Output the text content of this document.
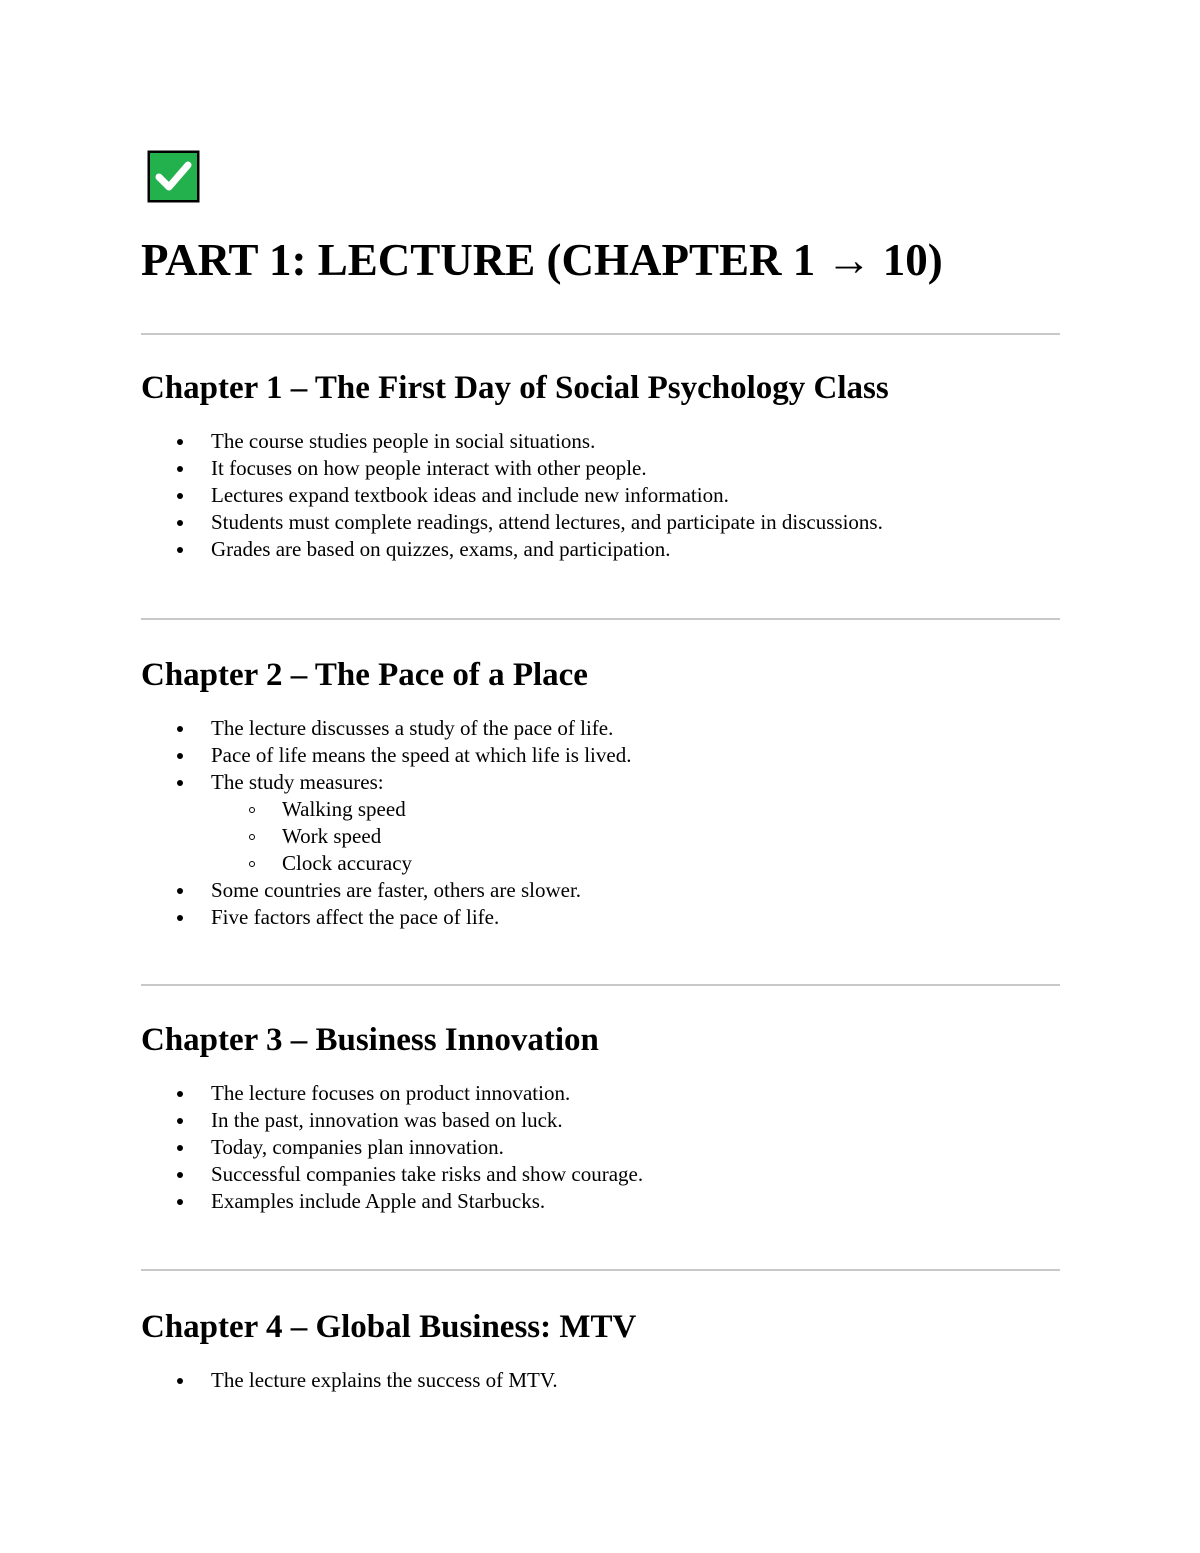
PART 1: LECTURE (CHAPTER 1 → 10)
Chapter 1 – The First Day of Social Psychology Class
The course studies people in social situations.
It focuses on how people interact with other people.
Lectures expand textbook ideas and include new information.
Students must complete readings, attend lectures, and participate in discussions.
Grades are based on quizzes, exams, and participation.
Chapter 2 – The Pace of a Place
The lecture discusses a study of the pace of life.
Pace of life means the speed at which life is lived.
The study measures:
Walking speed
Work speed
Clock accuracy
Some countries are faster, others are slower.
Five factors affect the pace of life.
Chapter 3 – Business Innovation
The lecture focuses on product innovation.
In the past, innovation was based on luck.
Today, companies plan innovation.
Successful companies take risks and show courage.
Examples include Apple and Starbucks.
Chapter 4 – Global Business: MTV
The lecture explains the success of MTV.
